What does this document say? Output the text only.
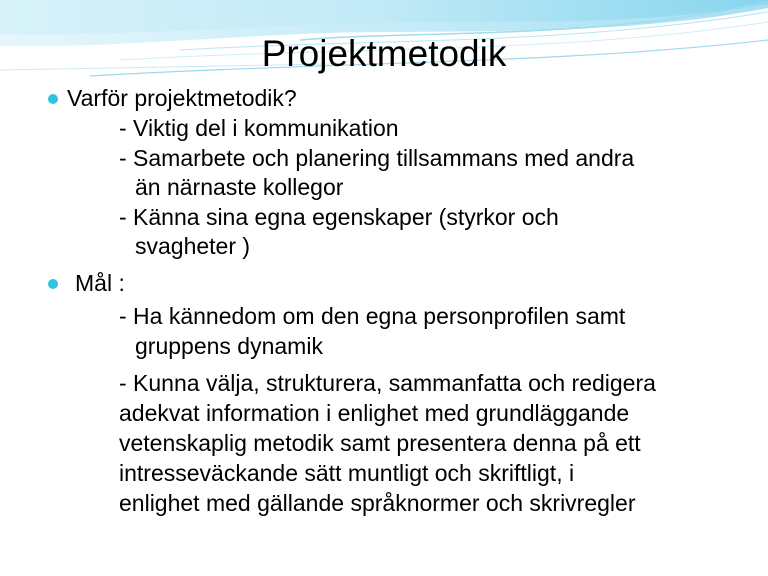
Projektmetodik
Varför projektmetodik?
- Viktig del i kommunikation
- Samarbete och planering tillsammans med andra
än närnaste kollegor
- Känna sina egna egenskaper (styrkor och
svagheter )
Mål :
- Ha kännedom om den egna personprofilen samt
gruppens dynamik
- Kunna välja, strukturera, sammanfatta och redigera
adekvat information i enlighet med grundläggande
vetenskaplig metodik samt presentera denna på ett
intresseväckande sätt muntligt och skriftligt, i
enlighet med gällande språknormer och skrivregler
